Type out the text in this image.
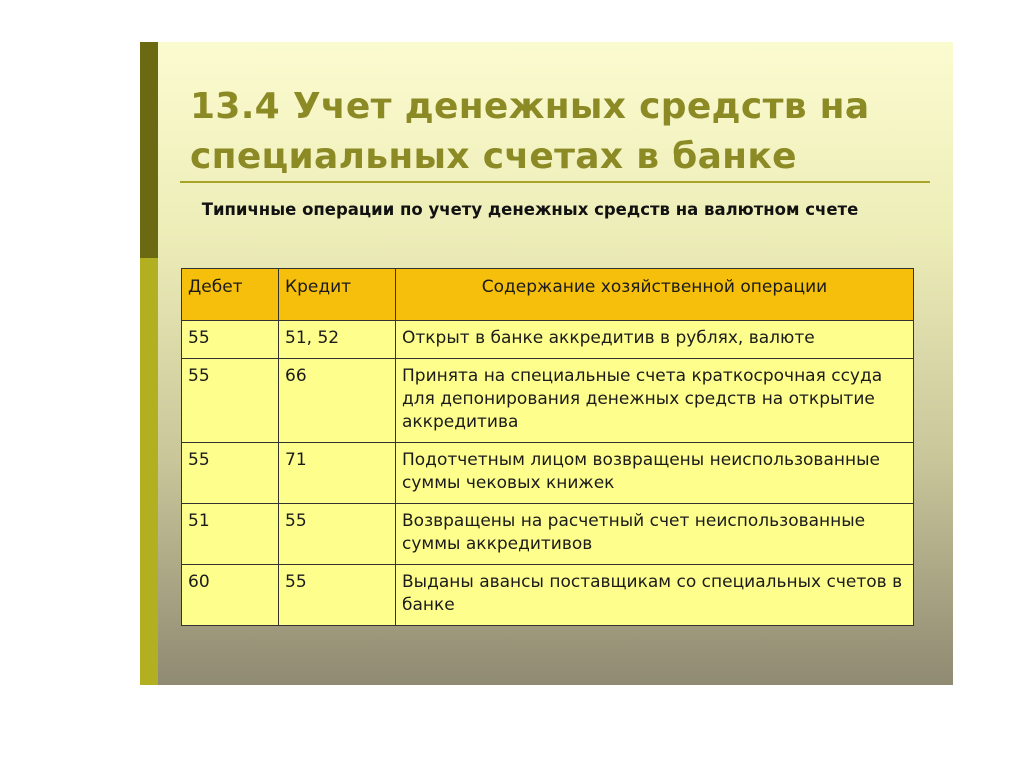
13.4 Учет денежных средств на специальных счетах в банке
Типичные операции по учету денежных средств на валютном счете
Дебет	Кредит	Содержание хозяйственной операции
55	51, 52	Открыт в банке аккредитив в рублях, валюте
55	66	Принята на специальные счета краткосрочная ссуда для депонирования денежных средств на открытие аккредитива
55	71	Подотчетным лицом возвращены неиспользованные суммы чековых книжек
51	55	Возвращены на расчетный счет неиспользованные суммы аккредитивов
60	55	Выданы авансы поставщикам со специальных счетов в банке
